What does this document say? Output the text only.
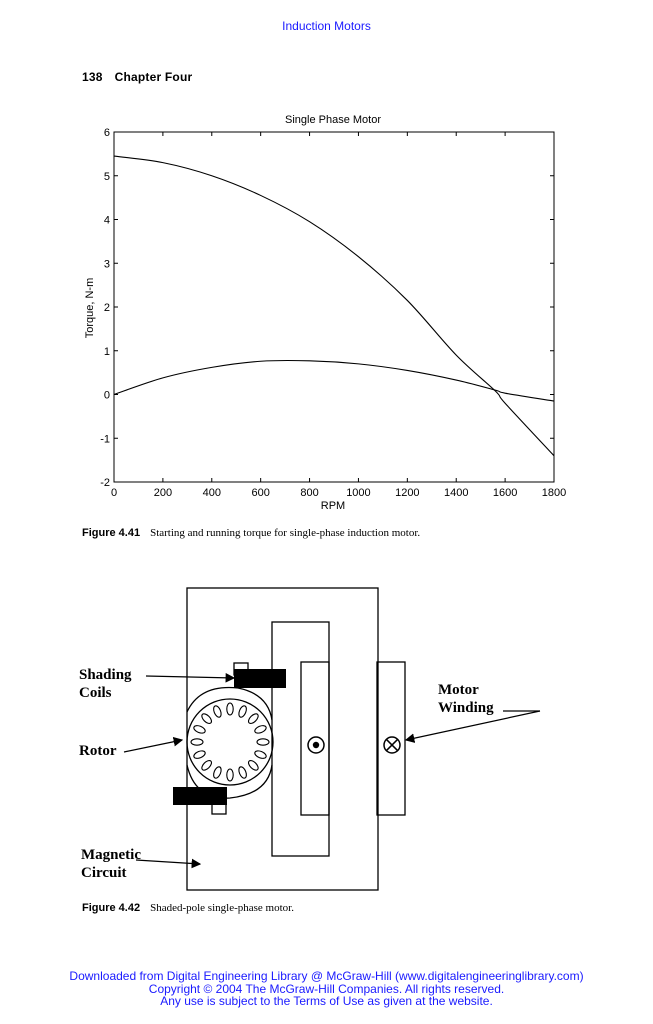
Induction Motors
138 Chapter Four
0	200	400	600	800 1000 1200 1400 1600 1800
-2
-1
0
1
2
3
4
5
6
Single Phase Motor
RPM
Torque, N-m
Figure 4.41 Starting and running torque for single-phase induction motor.
Shading
Coils
Rotor
Motor
Winding
Magnetic
Circuit
Figure 4.42 Shaded-pole single-phase motor.
Downloaded from Digital Engineering Library @ McGraw-Hill (www.digitalengineeringlibrary.com)
Copyright © 2004 The McGraw-Hill Companies. All rights reserved.
Any use is subject to the Terms of Use as given at the website.
